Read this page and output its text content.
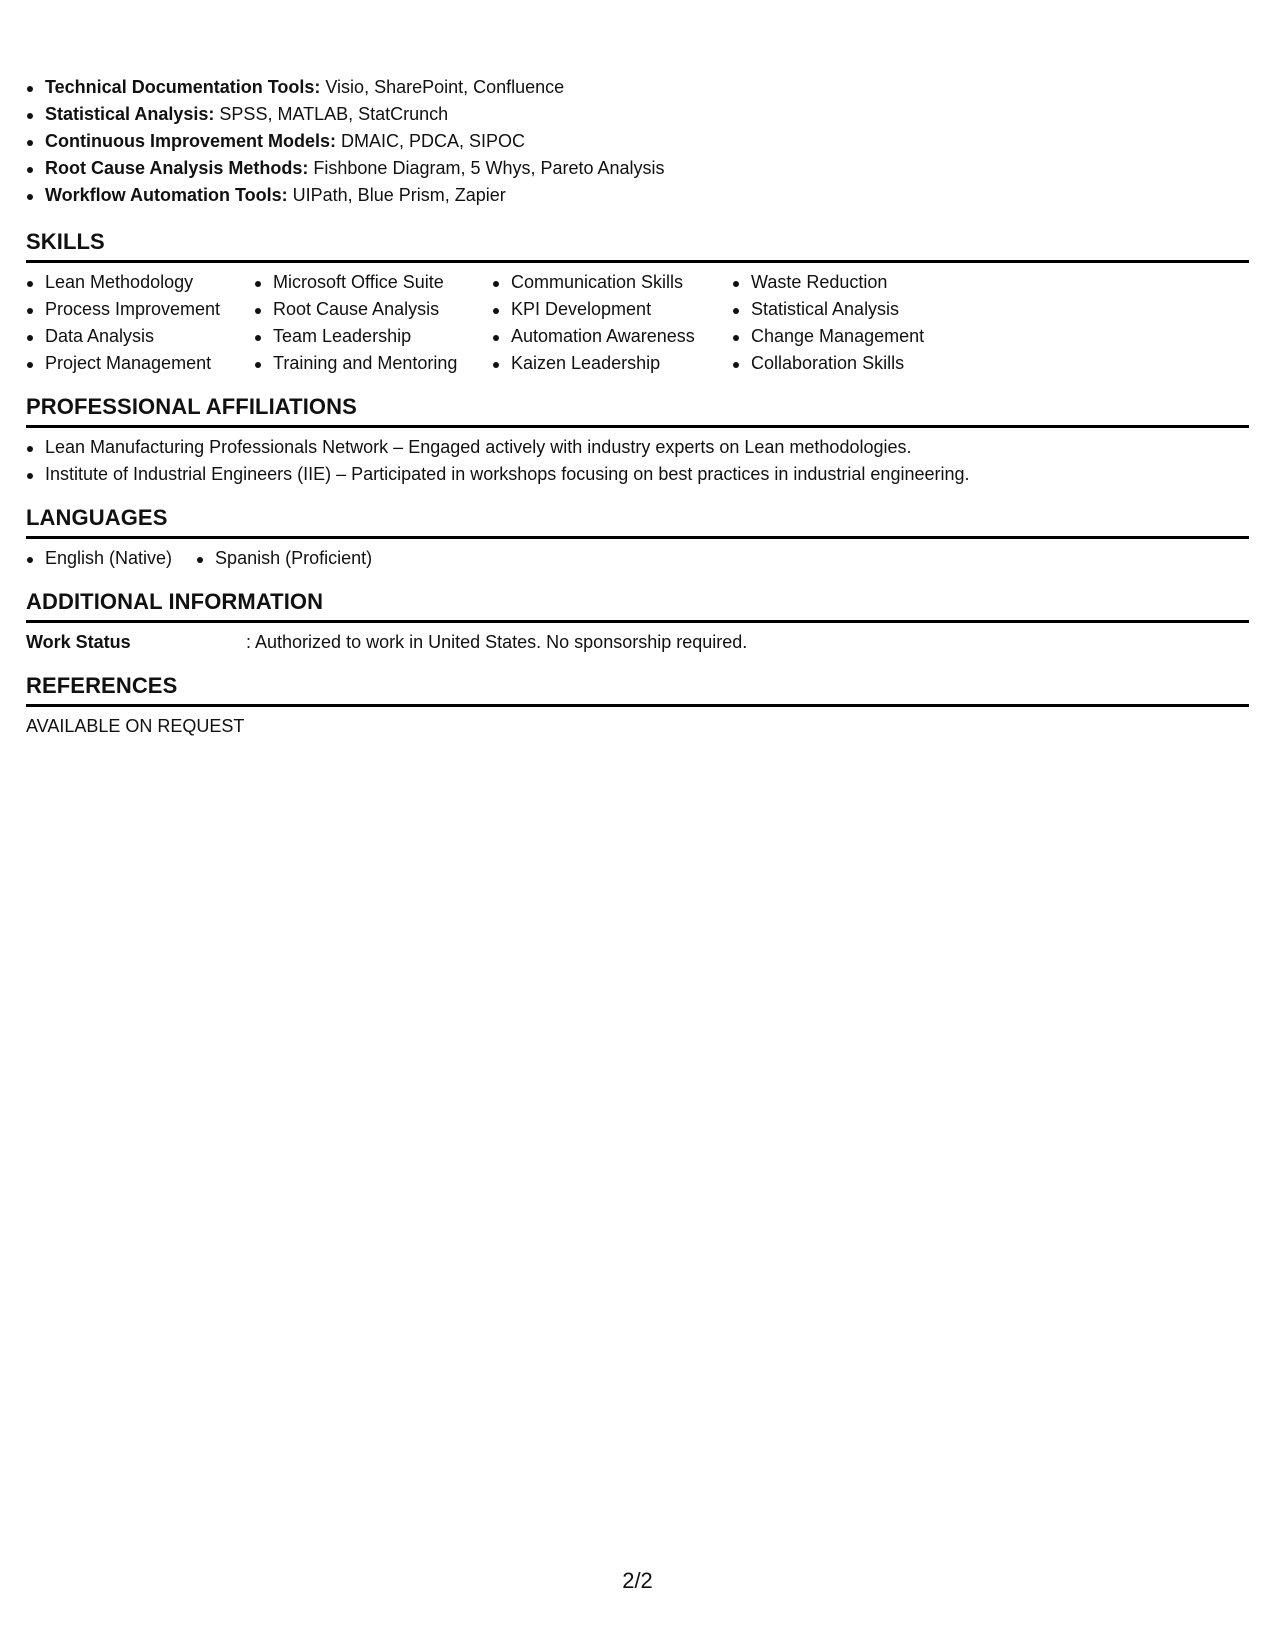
Technical Documentation Tools: Visio, SharePoint, Confluence
Statistical Analysis: SPSS, MATLAB, StatCrunch
Continuous Improvement Models: DMAIC, PDCA, SIPOC
Root Cause Analysis Methods: Fishbone Diagram, 5 Whys, Pareto Analysis
Workflow Automation Tools: UIPath, Blue Prism, Zapier
SKILLS
Lean Methodology
Process Improvement
Data Analysis
Project Management
Microsoft Office Suite
Root Cause Analysis
Team Leadership
Training and Mentoring
Communication Skills
KPI Development
Automation Awareness
Kaizen Leadership
Waste Reduction
Statistical Analysis
Change Management
Collaboration Skills
PROFESSIONAL AFFILIATIONS
Lean Manufacturing Professionals Network – Engaged actively with industry experts on Lean methodologies.
Institute of Industrial Engineers (IIE) – Participated in workshops focusing on best practices in industrial engineering.
LANGUAGES
English (Native)	Spanish (Proficient)
ADDITIONAL INFORMATION
Work Status	: Authorized to work in United States. No sponsorship required.
REFERENCES
AVAILABLE ON REQUEST
2/2
